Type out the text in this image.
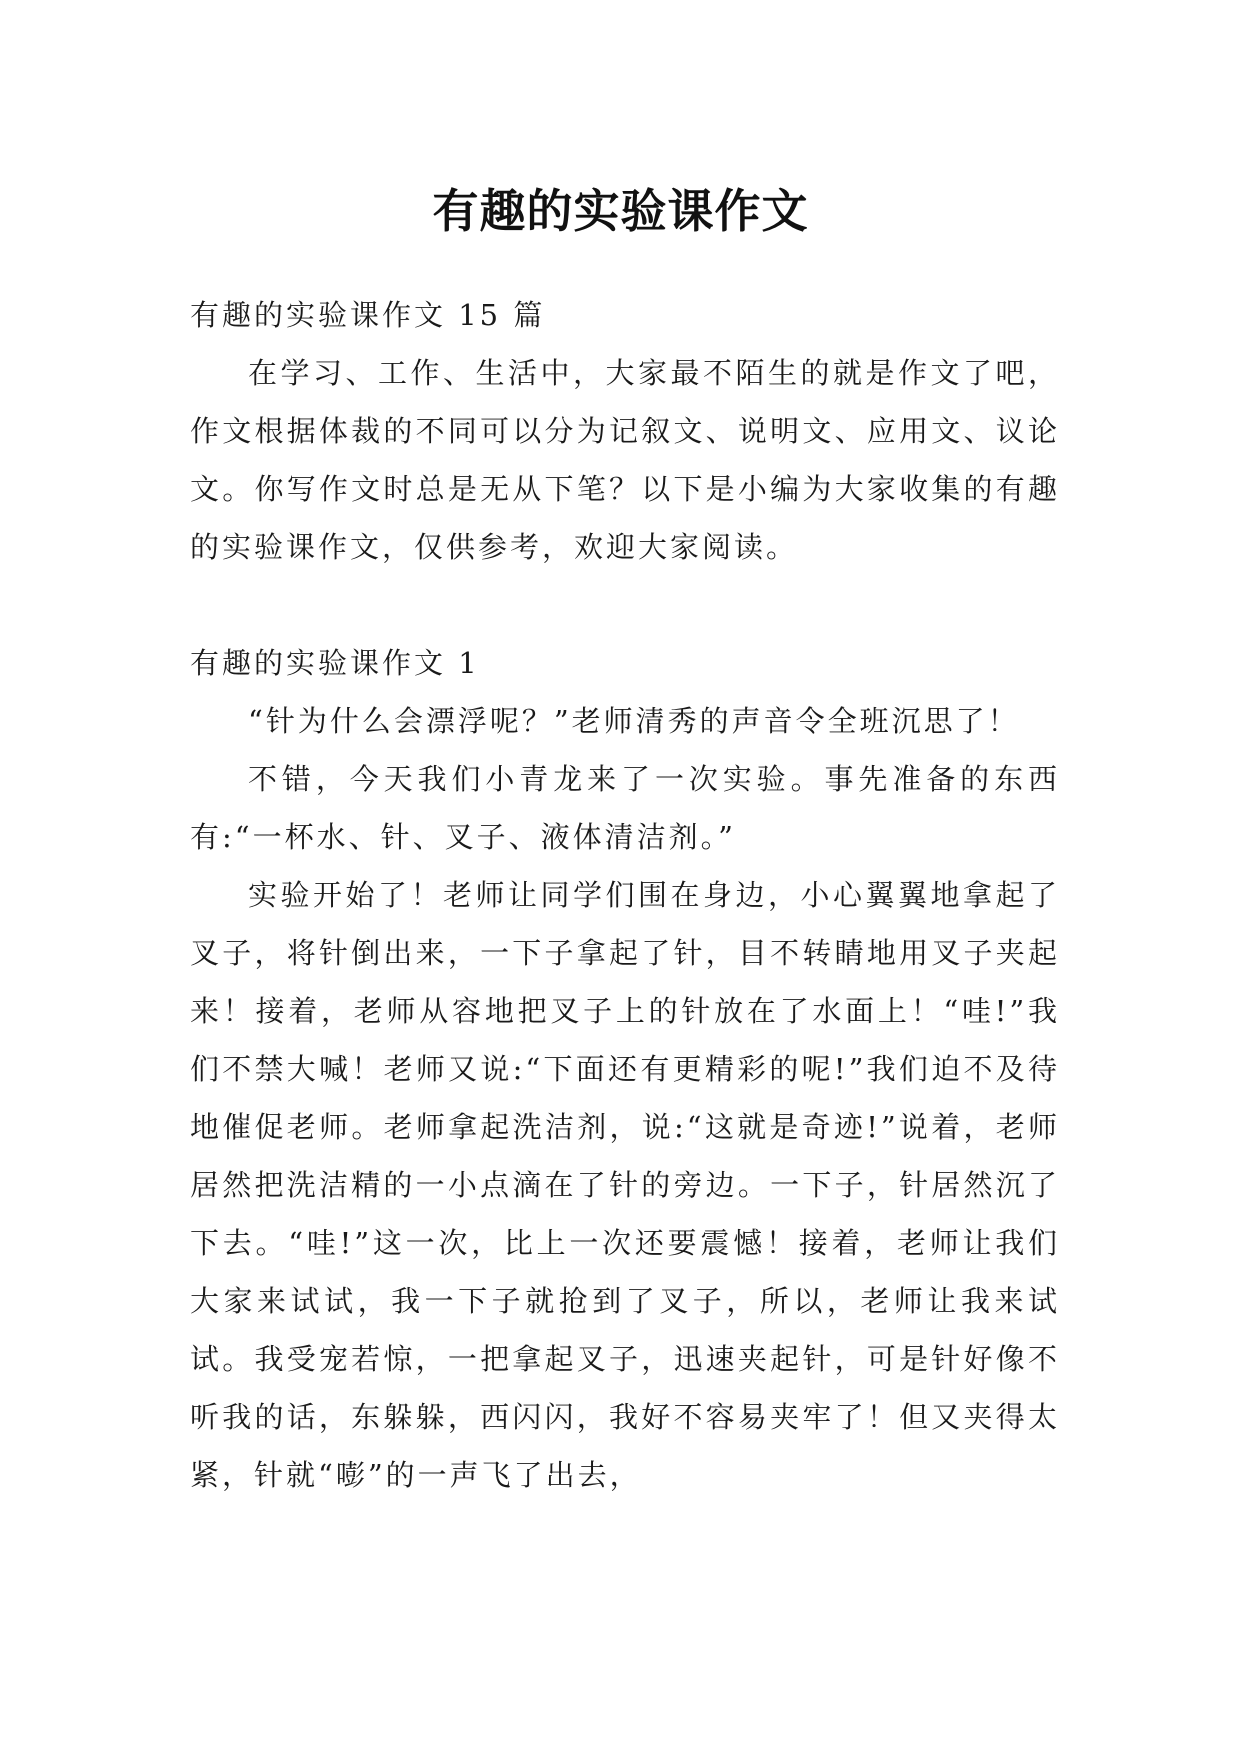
有趣的实验课作文

有趣的实验课作文 15 篇

在学习、工作、生活中，大家最不陌生的就是作文了吧，作文根据体裁的不同可以分为记叙文、说明文、应用文、议论文。你写作文时总是无从下笔？以下是小编为大家收集的有趣的实验课作文，仅供参考，欢迎大家阅读。

有趣的实验课作文 1

“针为什么会漂浮呢？”老师清秀的声音令全班沉思了！

不错，今天我们小青龙来了一次实验。事先准备的东西有:“一杯水、针、叉子、液体清洁剂。”

实验开始了！老师让同学们围在身边，小心翼翼地拿起了叉子，将针倒出来，一下子拿起了针，目不转睛地用叉子夹起来！接着，老师从容地把叉子上的针放在了水面上！“哇!”我们不禁大喊！老师又说:“下面还有更精彩的呢!”我们迫不及待地催促老师。老师拿起洗洁剂，说:“这就是奇迹!”说着，老师居然把洗洁精的一小点滴在了针的旁边。一下子，针居然沉了下去。“哇!”这一次，比上一次还要震憾！接着，老师让我们大家来试试，我一下子就抢到了叉子，所以，老师让我来试试。我受宠若惊，一把拿起叉子，迅速夹起针，可是针好像不听我的话，东躲躲，西闪闪，我好不容易夹牢了！但又夹得太紧，针就“嘭”的一声飞了出去，
